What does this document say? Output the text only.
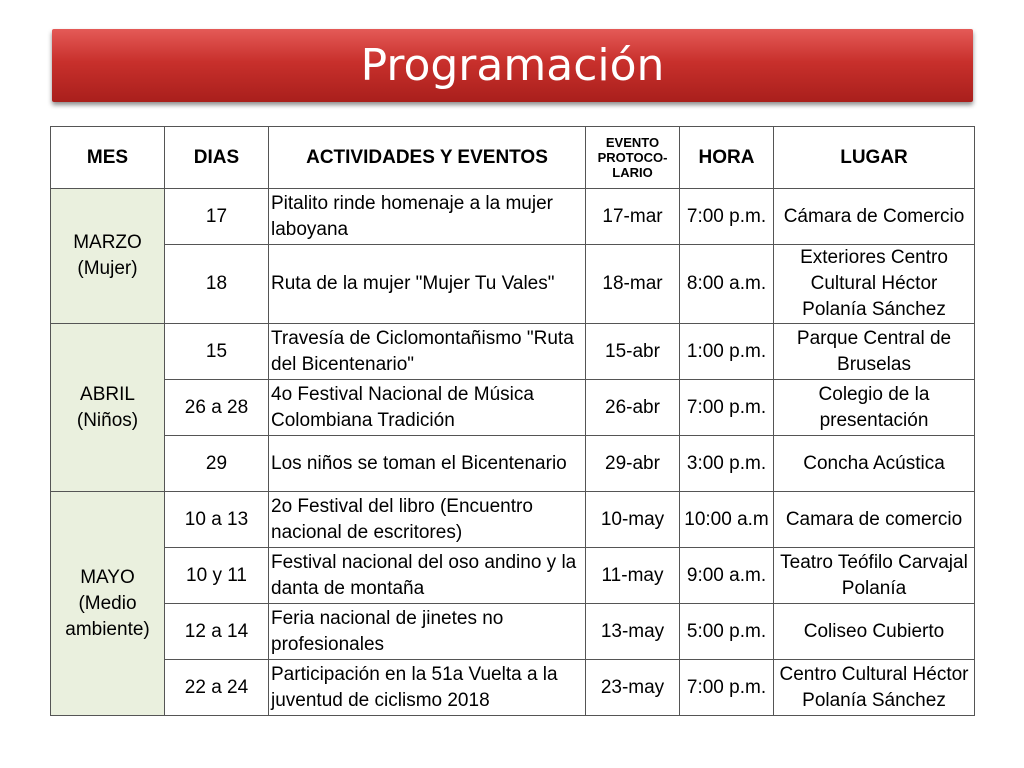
Programación
MES	DIAS	ACTIVIDADES Y EVENTOS	EVENTO
PROTOCO-
LARIO	HORA	LUGAR

MARZO
(Mujer)	17	Pitalito rinde homenaje a la mujer laboyana	17-mar	7:00 p.m.	Cámara de Comercio
	18	Ruta de la mujer "Mujer Tu Vales"	18-mar	8:00 a.m.	Exteriores Centro Cultural Héctor Polanía Sánchez

ABRIL
(Niños)	15	Travesía de Ciclomontañismo "Ruta del Bicentenario"	15-abr	1:00 p.m.	Parque Central de Bruselas
	26 a 28	4o Festival Nacional de Música Colombiana Tradición	26-abr	7:00 p.m.	Colegio de la presentación
	29	Los niños se toman el Bicentenario	29-abr	3:00 p.m.	Concha Acústica

MAYO
(Medio
ambiente)	10 a 13	2o Festival del libro (Encuentro nacional de escritores)	10-may	10:00 a.m	Camara de comercio
	10 y 11	Festival nacional del oso andino y la danta de montaña	11-may	9:00 a.m.	Teatro Teófilo Carvajal Polanía
	12 a 14	Feria nacional de jinetes no profesionales	13-may	5:00 p.m.	Coliseo Cubierto
	22 a 24	Participación en la 51a Vuelta a la juventud de ciclismo 2018	23-may	7:00 p.m.	Centro Cultural Héctor Polanía Sánchez
